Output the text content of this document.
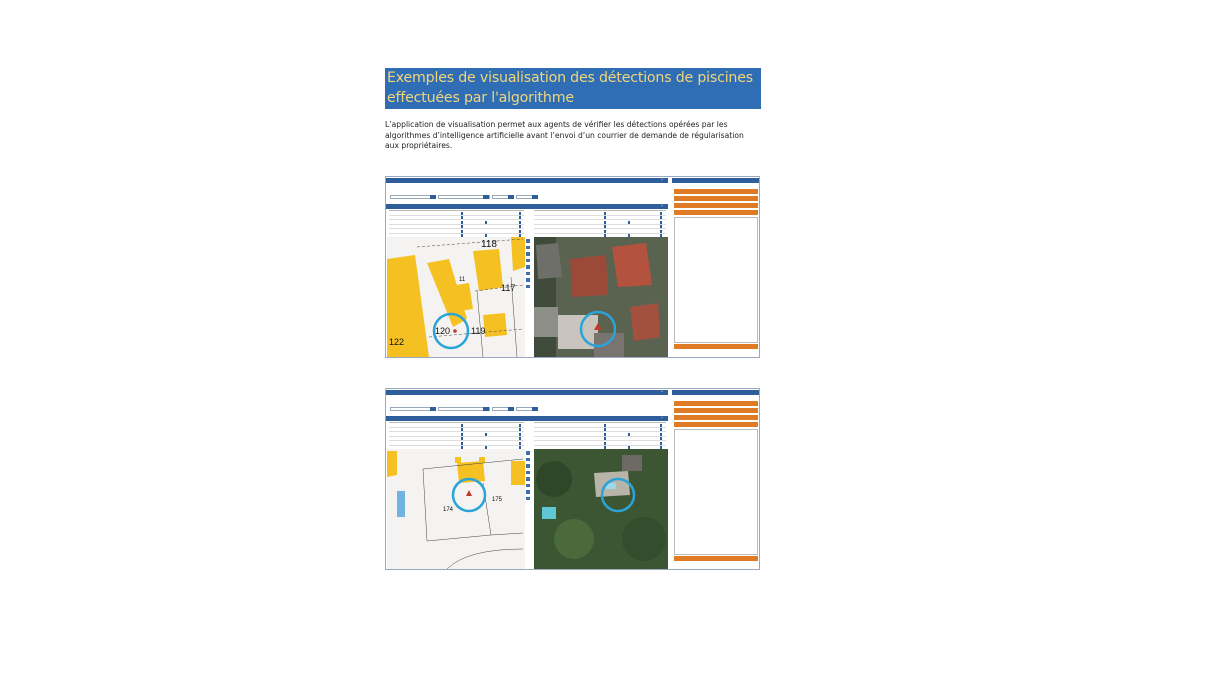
Exemples de visualisation des détections de piscines
effectuées par l'algorithme
L’application de visualisation permet aux agents de vérifier les détections opérées par les
algorithmes d’intelligence artificielle avant l’envoi d’un courrier de demande de régularisation
aux propriétaires.
^
^
118
117
120 119
122
11
^
^
175
174
